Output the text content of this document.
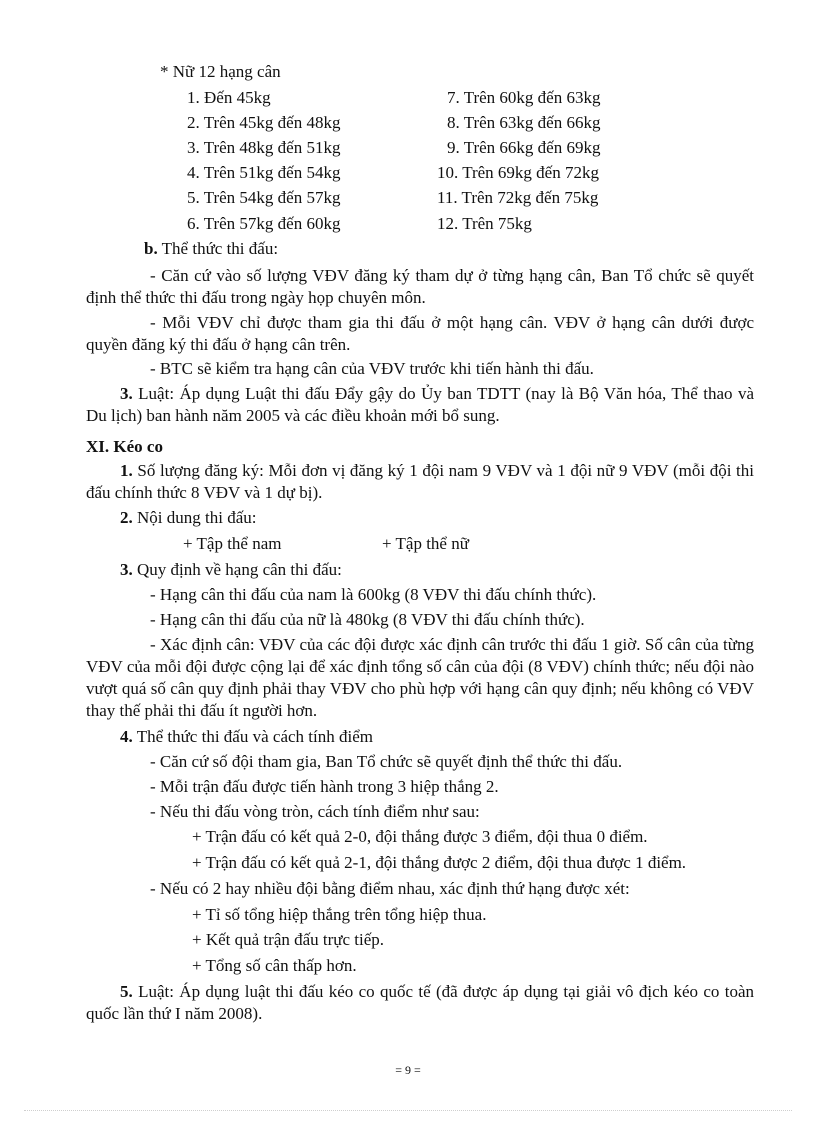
* Nữ 12 hạng cân
1. Đến 45kg
2. Trên 45kg đến 48kg
3. Trên 48kg đến 51kg
4. Trên 51kg đến 54kg
5. Trên 54kg đến 57kg
6. Trên 57kg đến 60kg
7. Trên 60kg đến 63kg
8. Trên 63kg đến 66kg
9. Trên 66kg đến 69kg
10. Trên 69kg đến 72kg
11. Trên 72kg đến 75kg
12. Trên 75kg
b. Thể thức thi đấu:
- Căn cứ vào số lượng VĐV đăng ký tham dự ở từng hạng cân, Ban Tổ chức sẽ quyết định thể thức thi đấu trong ngày họp chuyên môn.
- Mỗi VĐV chỉ được tham gia thi đấu ở một hạng cân. VĐV ở hạng cân dưới được quyền đăng ký thi đấu ở hạng cân trên.
- BTC sẽ kiểm tra hạng cân của VĐV trước khi tiến hành thi đấu.
3. Luật: Áp dụng Luật thi đấu Đẩy gậy do Ủy ban TDTT (nay là Bộ Văn hóa, Thể thao và Du lịch) ban hành năm 2005 và các điều khoản mới bổ sung.
XI. Kéo co
1. Số lượng đăng ký: Mỗi đơn vị đăng ký 1 đội nam 9 VĐV và 1 đội nữ 9 VĐV (mỗi đội thi đấu chính thức 8 VĐV và 1 dự bị).
2. Nội dung thi đấu:
+ Tập thể nam	+ Tập thể nữ
3. Quy định về hạng cân thi đấu:
- Hạng cân thi đấu của nam là 600kg (8 VĐV thi đấu chính thức).
- Hạng cân thi đấu của nữ là 480kg (8 VĐV thi đấu chính thức).
- Xác định cân: VĐV của các đội được xác định cân trước thi đấu 1 giờ. Số cân của từng VĐV của mỗi đội được cộng lại để xác định tổng số cân của đội (8 VĐV) chính thức; nếu đội nào vượt quá số cân quy định phải thay VĐV cho phù hợp với hạng cân quy định; nếu không có VĐV thay thế phải thi đấu ít người hơn.
4. Thể thức thi đấu và cách tính điểm
- Căn cứ số đội tham gia, Ban Tổ chức sẽ quyết định thể thức thi đấu.
- Mỗi trận đấu được tiến hành trong 3 hiệp thắng 2.
- Nếu thi đấu vòng tròn, cách tính điểm như sau:
+ Trận đấu có kết quả 2-0, đội thắng được 3 điểm, đội thua 0 điểm.
+ Trận đấu có kết quả 2-1, đội thắng được 2 điểm, đội thua được 1 điểm.
- Nếu có 2 hay nhiều đội bằng điểm nhau, xác định thứ hạng được xét:
+ Tỉ số tổng hiệp thắng trên tổng hiệp thua.
+ Kết quả trận đấu trực tiếp.
+ Tổng số cân thấp hơn.
5. Luật: Áp dụng luật thi đấu kéo co quốc tế (đã được áp dụng tại giải vô địch kéo co toàn quốc lần thứ I năm 2008).
= 9 =
